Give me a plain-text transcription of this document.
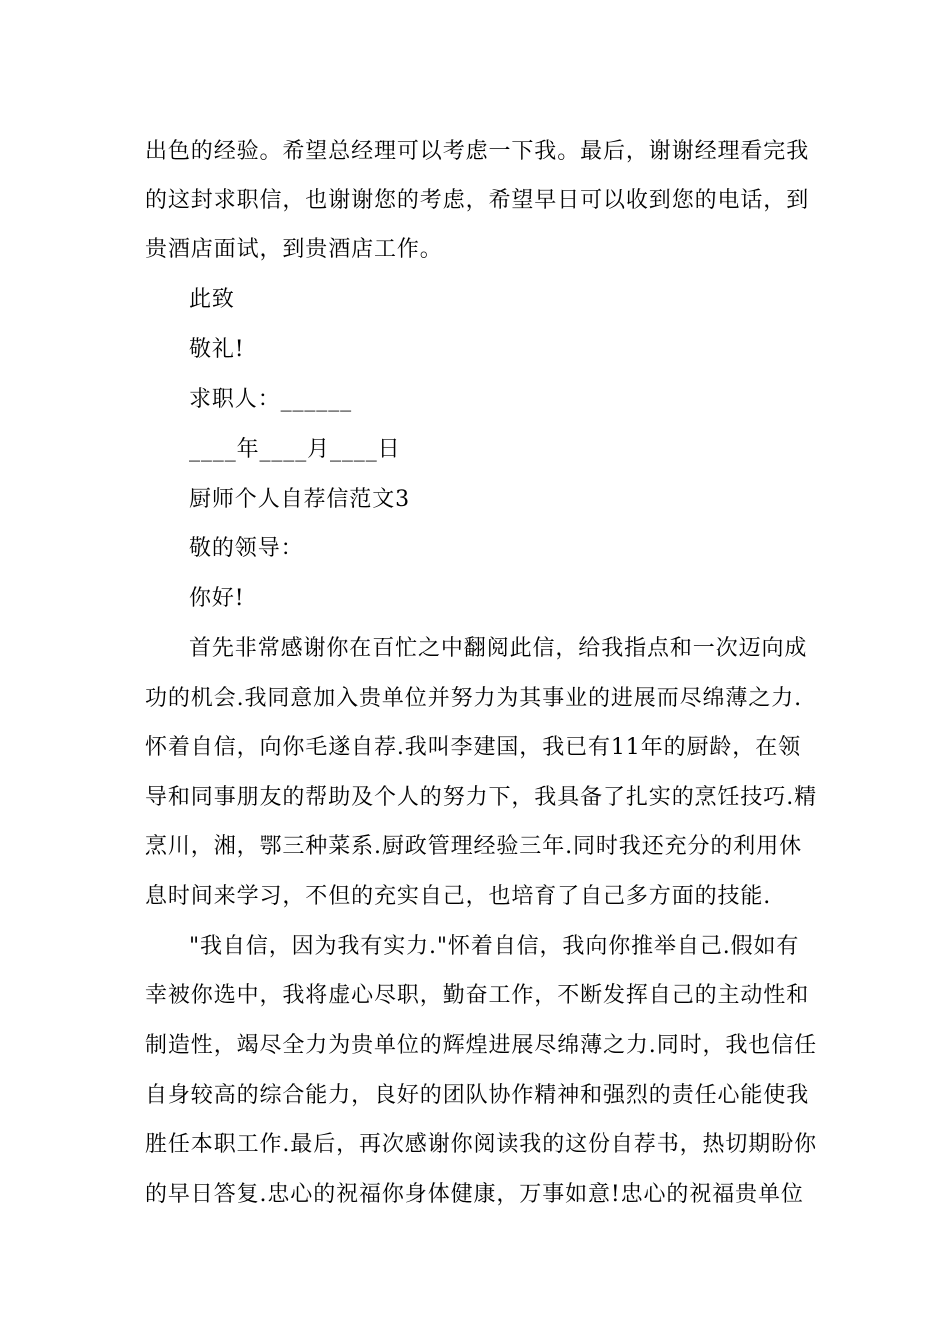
出色的经验。希望总经理可以考虑一下我。最后，谢谢经理看完我
的这封求职信，也谢谢您的考虑，希望早日可以收到您的电话，到
贵酒店面试，到贵酒店工作。
此致
敬礼!
求职人：______
____年____月____日
厨师个人自荐信范文3
敬的领导：
你好!
首先非常感谢你在百忙之中翻阅此信，给我指点和一次迈向成
功的机会.我同意加入贵单位并努力为其事业的进展而尽绵薄之力.
怀着自信，向你毛遂自荐.我叫李建国，我已有11年的厨龄，在领
导和同事朋友的帮助及个人的努力下，我具备了扎实的烹饪技巧.精
烹川，湘，鄂三种菜系.厨政管理经验三年.同时我还充分的利用休
息时间来学习，不但的充实自己，也培育了自己多方面的技能.
"我自信，因为我有实力."怀着自信，我向你推举自己.假如有
幸被你选中，我将虚心尽职，勤奋工作，不断发挥自己的主动性和
制造性，竭尽全力为贵单位的辉煌进展尽绵薄之力.同时，我也信任
自身较高的综合能力，良好的团队协作精神和强烈的责任心能使我
胜任本职工作.最后，再次感谢你阅读我的这份自荐书，热切期盼你
的早日答复.忠心的祝福你身体健康，万事如意!忠心的祝福贵单位
